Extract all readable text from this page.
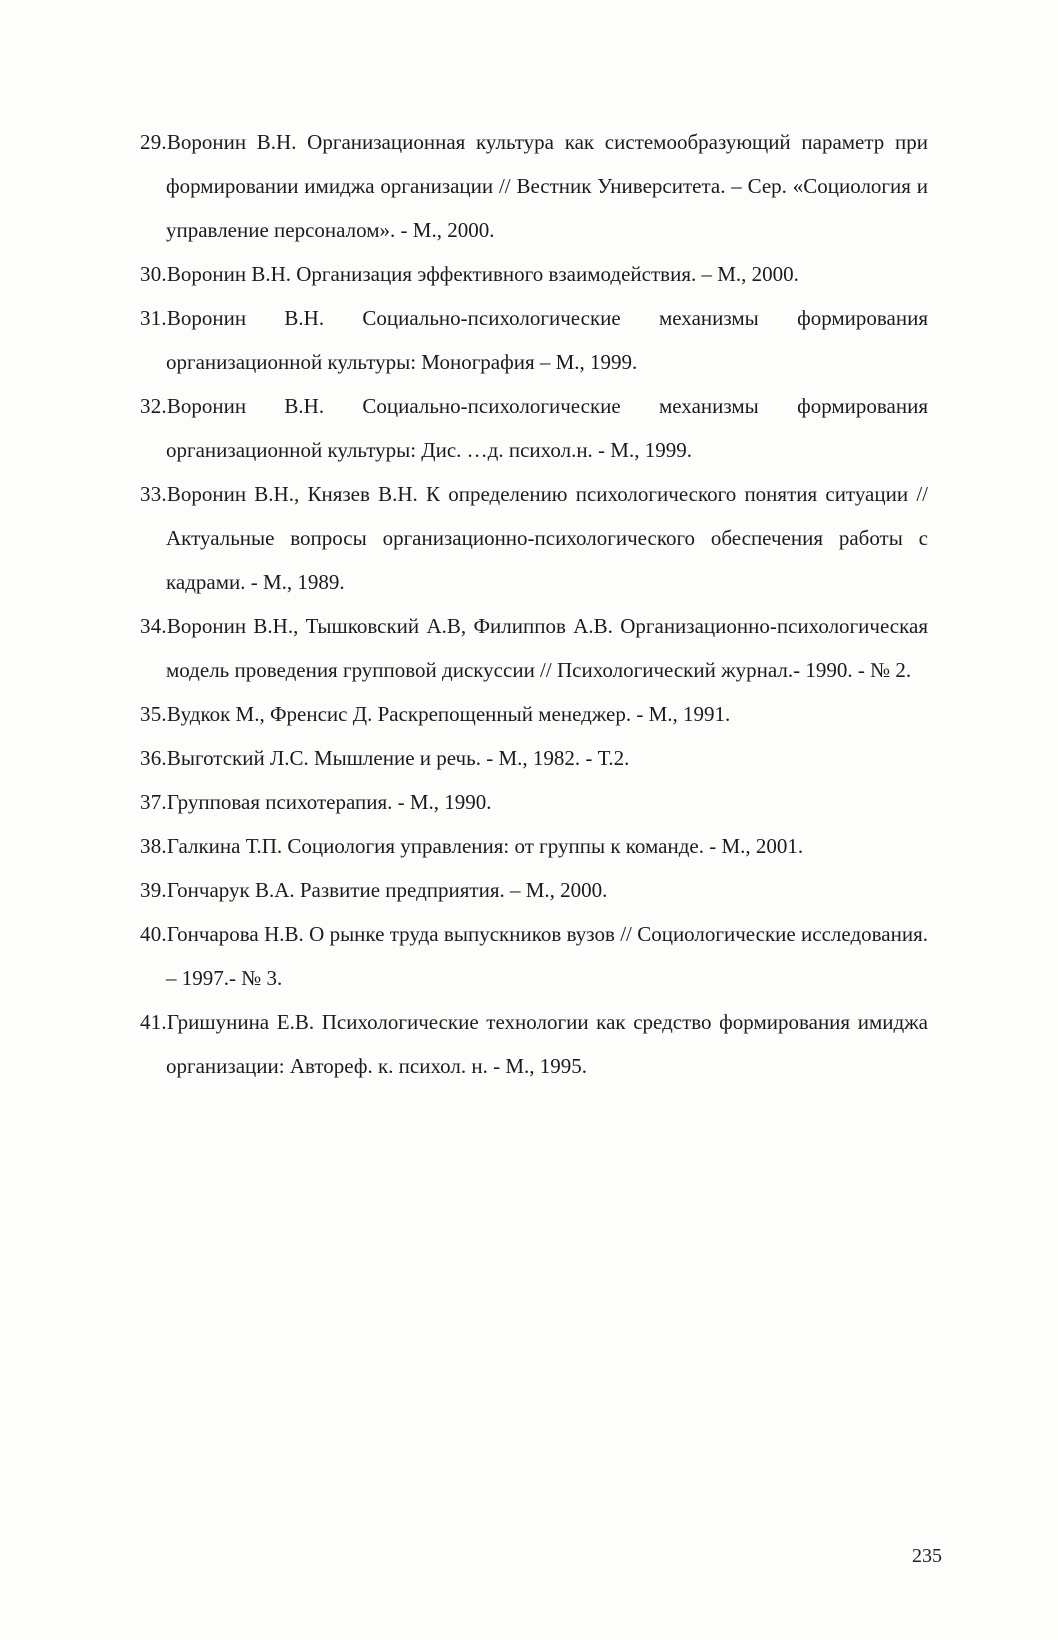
29.Воронин В.Н. Организационная культура как системообразующий параметр при формировании имиджа организации // Вестник Университета. – Сер. «Социология и управление персоналом». - М., 2000.

30.Воронин В.Н. Организация эффективного взаимодействия. – М., 2000.

31.Воронин В.Н. Социально-психологические механизмы формирования организационной культуры: Монография – М., 1999.

32.Воронин В.Н. Социально-психологические механизмы формирования организационной культуры: Дис. …д. психол.н. - М., 1999.

33.Воронин В.Н., Князев В.Н. К определению психологического понятия ситуации // Актуальные вопросы организационно-психологического обеспечения работы с кадрами. - М., 1989.

34.Воронин В.Н., Тышковский А.В, Филиппов А.В. Организационно-психологическая модель проведения групповой дискуссии // Психологический журнал.- 1990. - № 2.

35.Вудкок М., Френсис Д. Раскрепощенный менеджер. - М., 1991.

36.Выготский Л.С. Мышление и речь. - М., 1982. - Т.2.

37.Групповая психотерапия. - М., 1990.

38.Галкина Т.П. Социология управления: от группы к команде. - М., 2001.

39.Гончарук В.А. Развитие предприятия. – М., 2000.

40.Гончарова Н.В. О рынке труда выпускников вузов // Социологические исследования. – 1997.- № 3.

41.Гришунина Е.В. Психологические технологии как средство формирования имиджа организации: Автореф. к. психол. н. - М., 1995.

235
